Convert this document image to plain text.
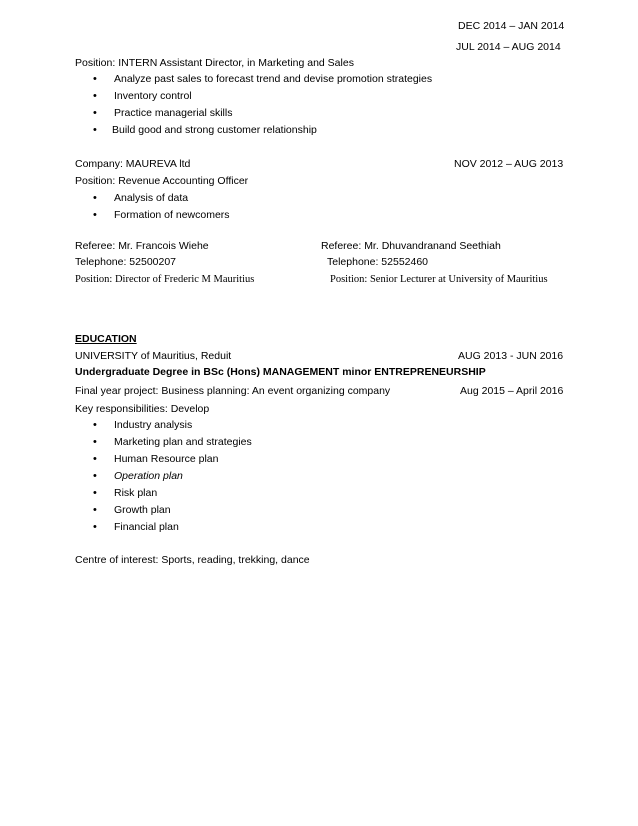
DEC 2014 – JAN 2014
JUL 2014 – AUG 2014
Position: INTERN Assistant Director, in Marketing and Sales
• Analyze past sales to forecast trend and devise promotion strategies
• Inventory control
• Practice managerial skills
• Build good and strong customer relationship
Company: MAUREVA ltd	NOV 2012 – AUG 2013
Position: Revenue Accounting Officer
• Analysis of data
• Formation of newcomers
Referee: Mr. Francois Wiehe	Referee: Mr. Dhuvandranand Seethiah
Telephone: 52500207	Telephone: 52552460
Position: Director of Frederic M Mauritius	Position: Senior Lecturer at University of Mauritius
EDUCATION
UNIVERSITY of Mauritius, Reduit	AUG 2013 - JUN 2016
Undergraduate Degree in BSc (Hons) MANAGEMENT minor ENTREPRENEURSHIP
Final year project: Business planning: An event organizing company	Aug 2015 – April 2016
Key responsibilities: Develop
• Industry analysis
• Marketing plan and strategies
• Human Resource plan
• Operation plan
• Risk plan
• Growth plan
• Financial plan
Centre of interest: Sports, reading, trekking, dance
